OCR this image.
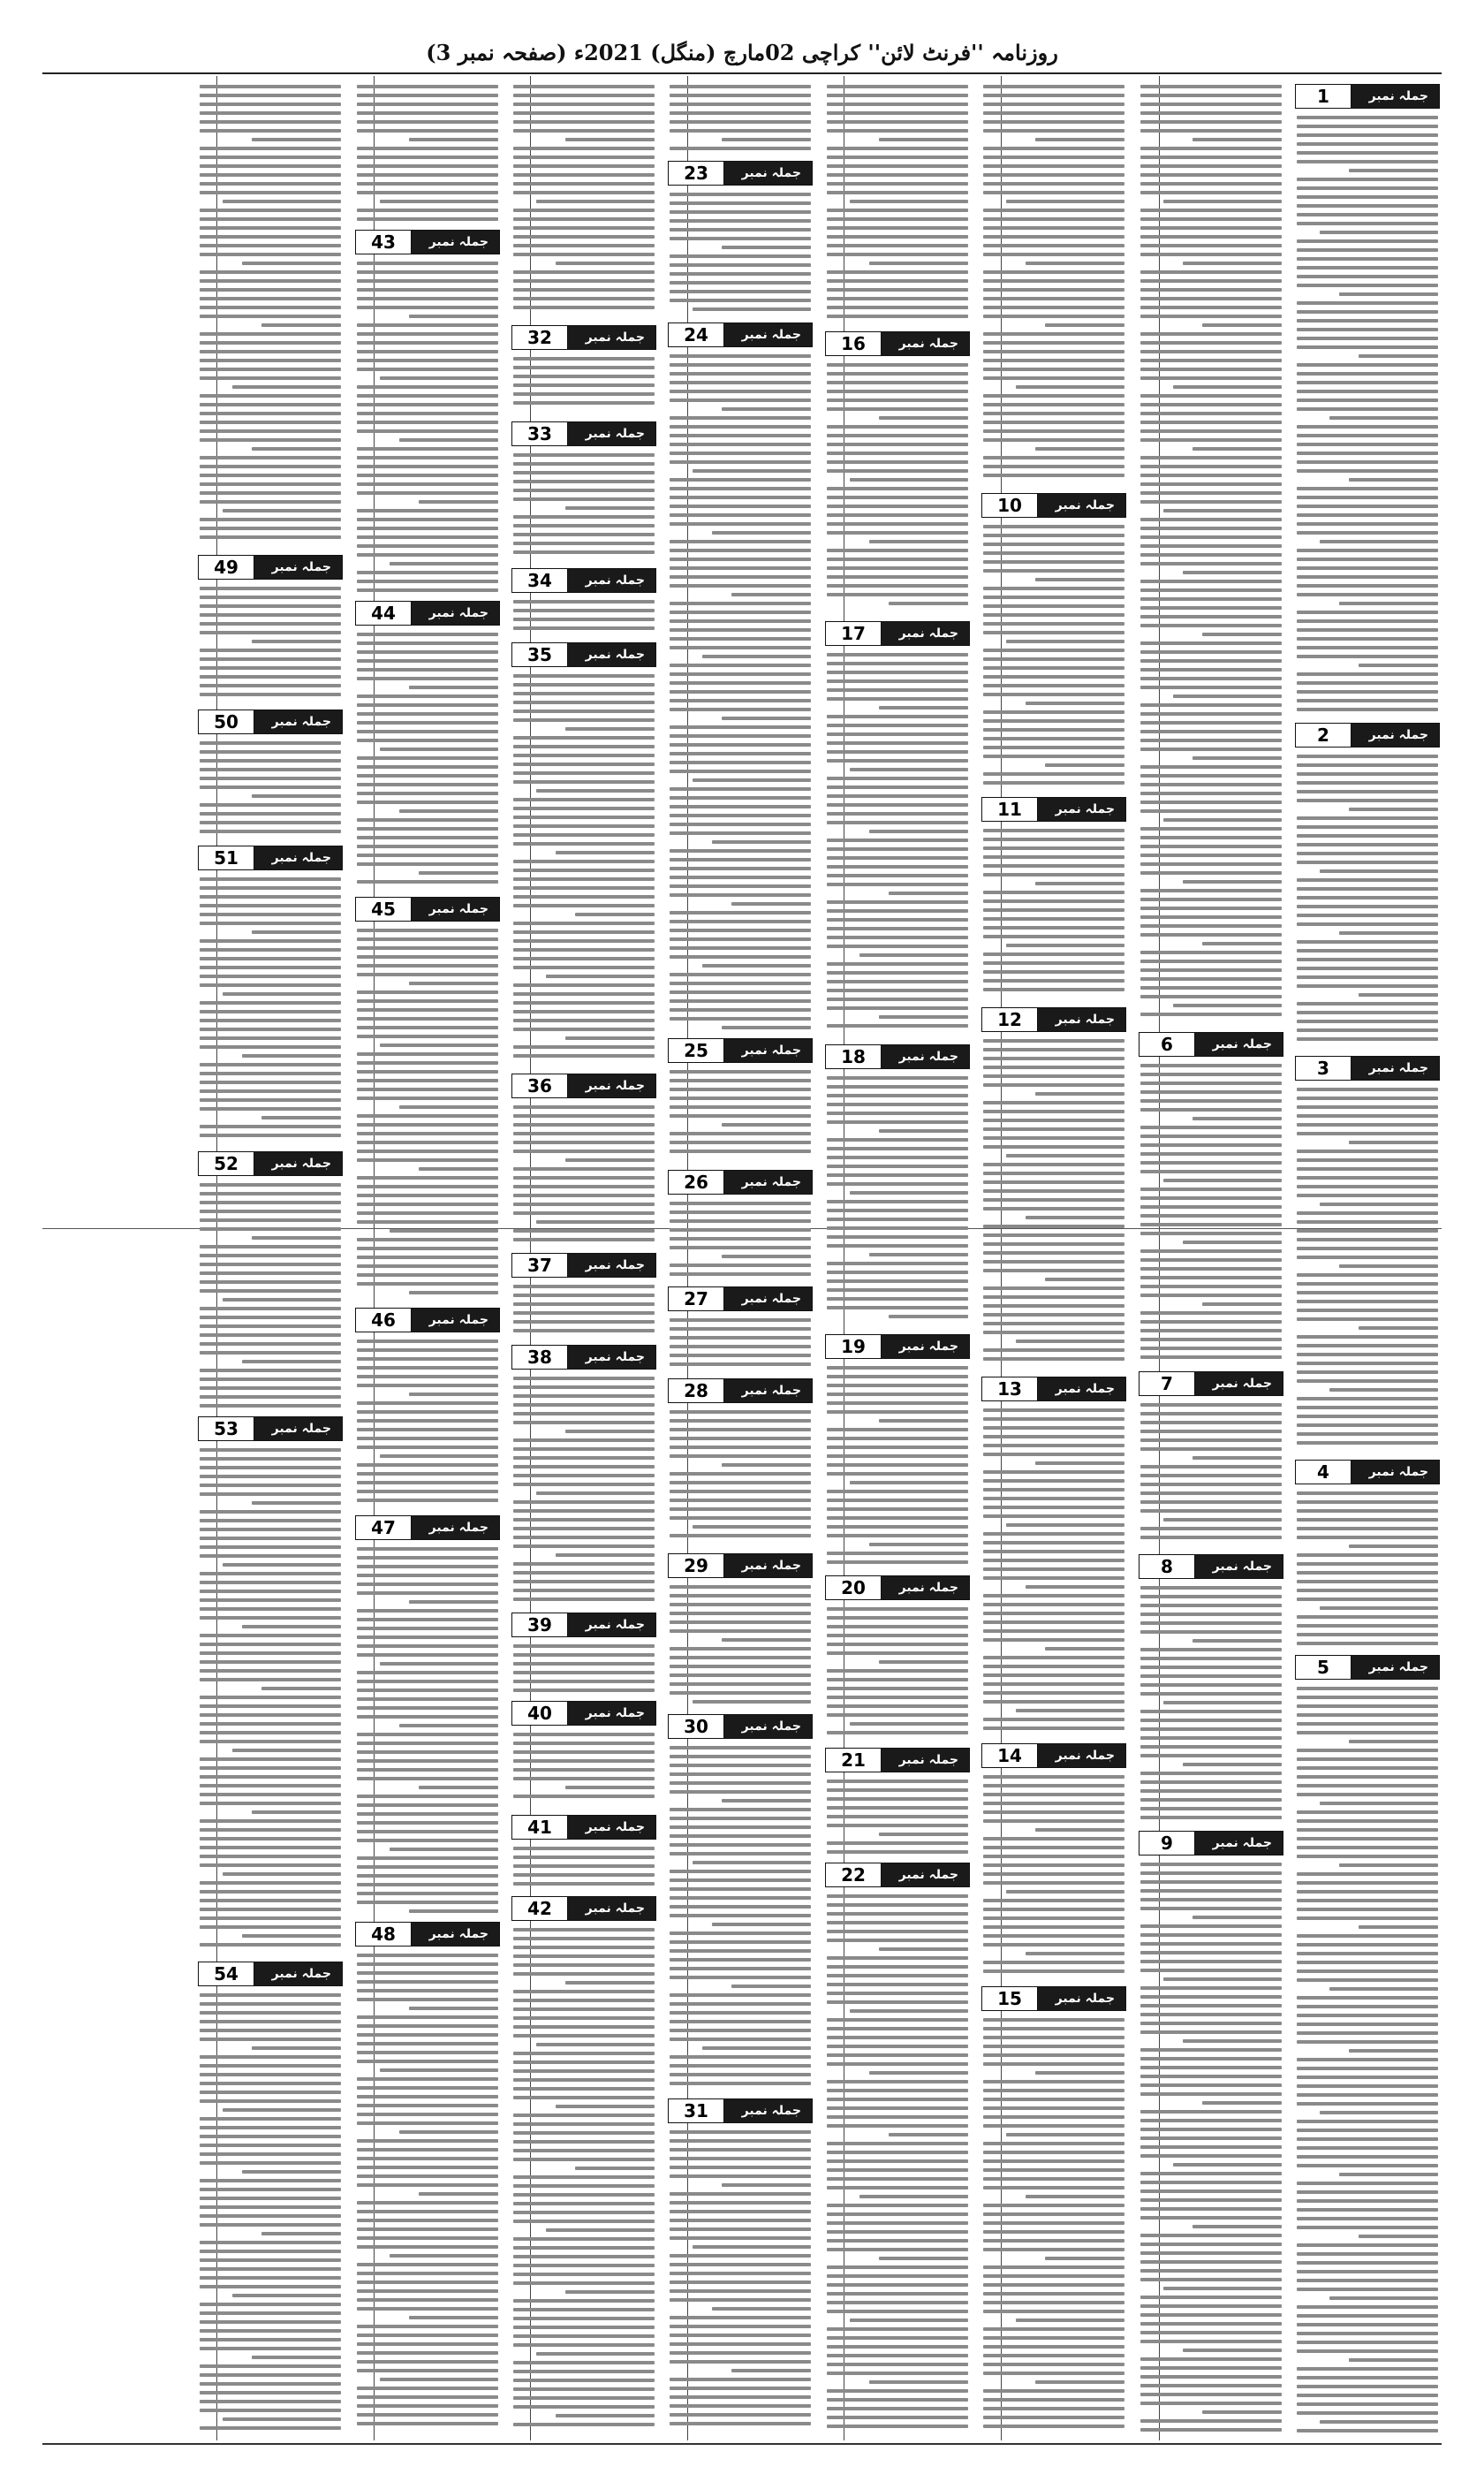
روزنامہ ''فرنٹ لائن'' کراچی 02مارچ (منگل) 2021ء (صفحہ نمبر 3)
1	جملہ نمبر
2	جملہ نمبر
3	جملہ نمبر
4	جملہ نمبر
5	جملہ نمبر
6	جملہ نمبر
7	جملہ نمبر
8	جملہ نمبر
9	جملہ نمبر
10	جملہ نمبر
11	جملہ نمبر
12	جملہ نمبر
13	جملہ نمبر
14	جملہ نمبر
15	جملہ نمبر
16	جملہ نمبر
17	جملہ نمبر
18	جملہ نمبر
19	جملہ نمبر
20	جملہ نمبر
21	جملہ نمبر
22	جملہ نمبر
23	جملہ نمبر
24	جملہ نمبر
25	جملہ نمبر
26	جملہ نمبر
27	جملہ نمبر
28	جملہ نمبر
29	جملہ نمبر
30	جملہ نمبر
31	جملہ نمبر
32	جملہ نمبر
33	جملہ نمبر
34	جملہ نمبر
35	جملہ نمبر
36	جملہ نمبر
37	جملہ نمبر
38	جملہ نمبر
39	جملہ نمبر
40	جملہ نمبر
41	جملہ نمبر
42	جملہ نمبر
43	جملہ نمبر
44	جملہ نمبر
45	جملہ نمبر
46	جملہ نمبر
47	جملہ نمبر
48	جملہ نمبر
49	جملہ نمبر
50	جملہ نمبر
51	جملہ نمبر
52	جملہ نمبر
53	جملہ نمبر
54	جملہ نمبر
